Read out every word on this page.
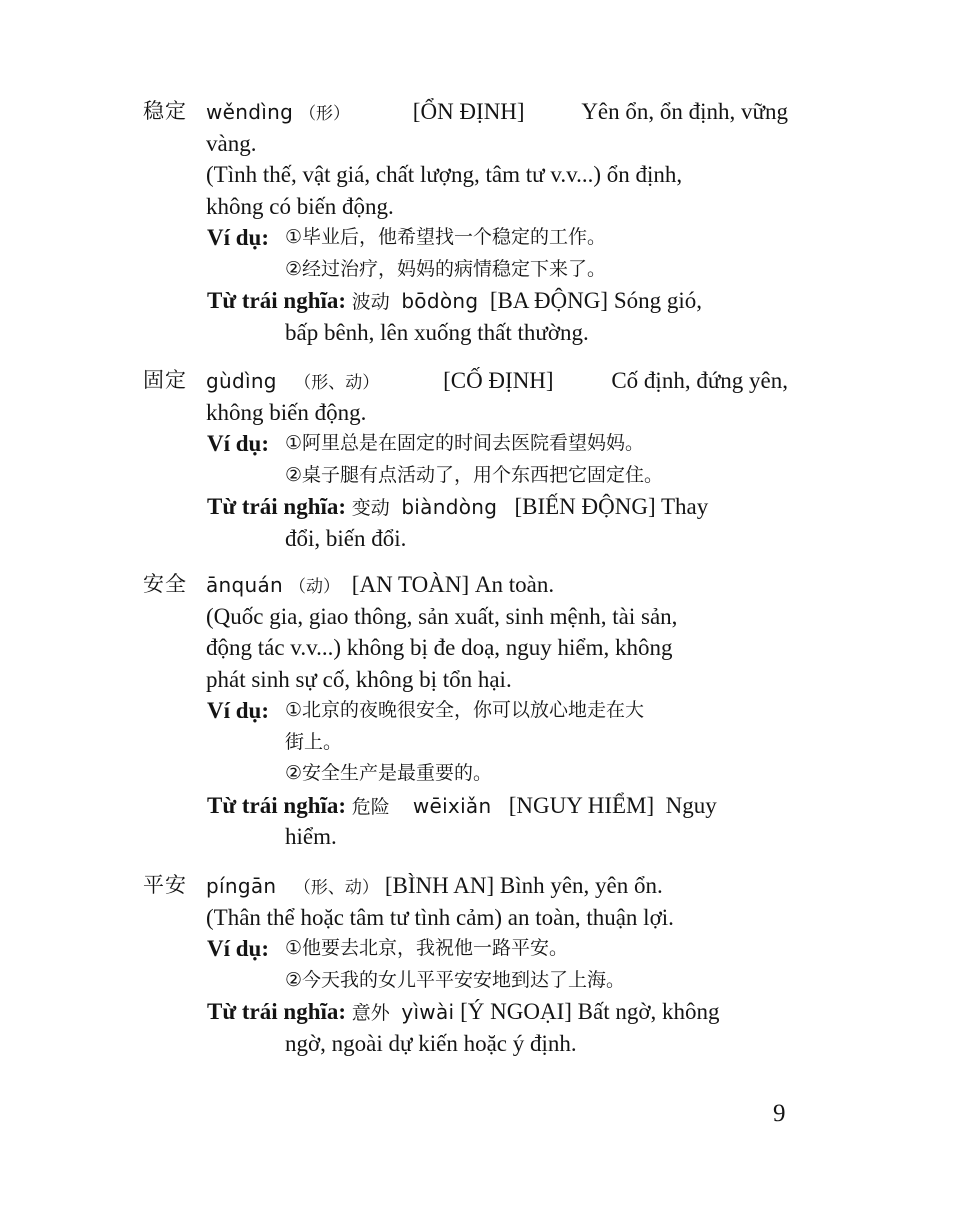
稳定 wěndìng （形）	[ỔN ĐỊNH] Yên ổn, ổn định, vững
vàng.
(Tình thế, vật giá, chất lượng, tâm tư v.v...) ổn định,
không có biến động.
Ví dụ: ①毕业后，他希望找一个稳定的工作。
②经过治疗，妈妈的病情稳定下来了。
Từ trái nghĩa: 波动 bōdòng [BA ĐỘNG] Sóng gió,
bấp bênh, lên xuống thất thường.
固定 gùdìng （形、动）	[CỐ ĐỊNH]	Cố định, đứng yên,
không biến động.
Ví dụ: ①阿里总是在固定的时间去医院看望妈妈。
②桌子腿有点活动了，用个东西把它固定住。
Từ trái nghĩa: 变动 biàndòng [BIẾN ĐỘNG] Thay
đổi, biến đổi.
安全 ānquán （动） [AN TOÀN] An toàn.
(Quốc gia, giao thông, sản xuất, sinh mệnh, tài sản,
động tác v.v...) không bị đe doạ, nguy hiểm, không
phát sinh sự cố, không bị tổn hại.
Ví dụ: ①北京的夜晚很安全，你可以放心地走在大
街上。
②安全生产是最重要的。
Từ trái nghĩa: 危险 wēixiǎn [NGUY HIỂM] Nguy
hiểm.
平安 píngān （形、动） [BÌNH AN] Bình yên, yên ổn.
(Thân thể hoặc tâm tư tình cảm) an toàn, thuận lợi.
Ví dụ: ①他要去北京，我祝他一路平安。
②今天我的女儿平平安安地到达了上海。
Từ trái nghĩa: 意外 yìwài [Ý NGOẠI] Bất ngờ, không
ngờ, ngoài dự kiến hoặc ý định.
9
